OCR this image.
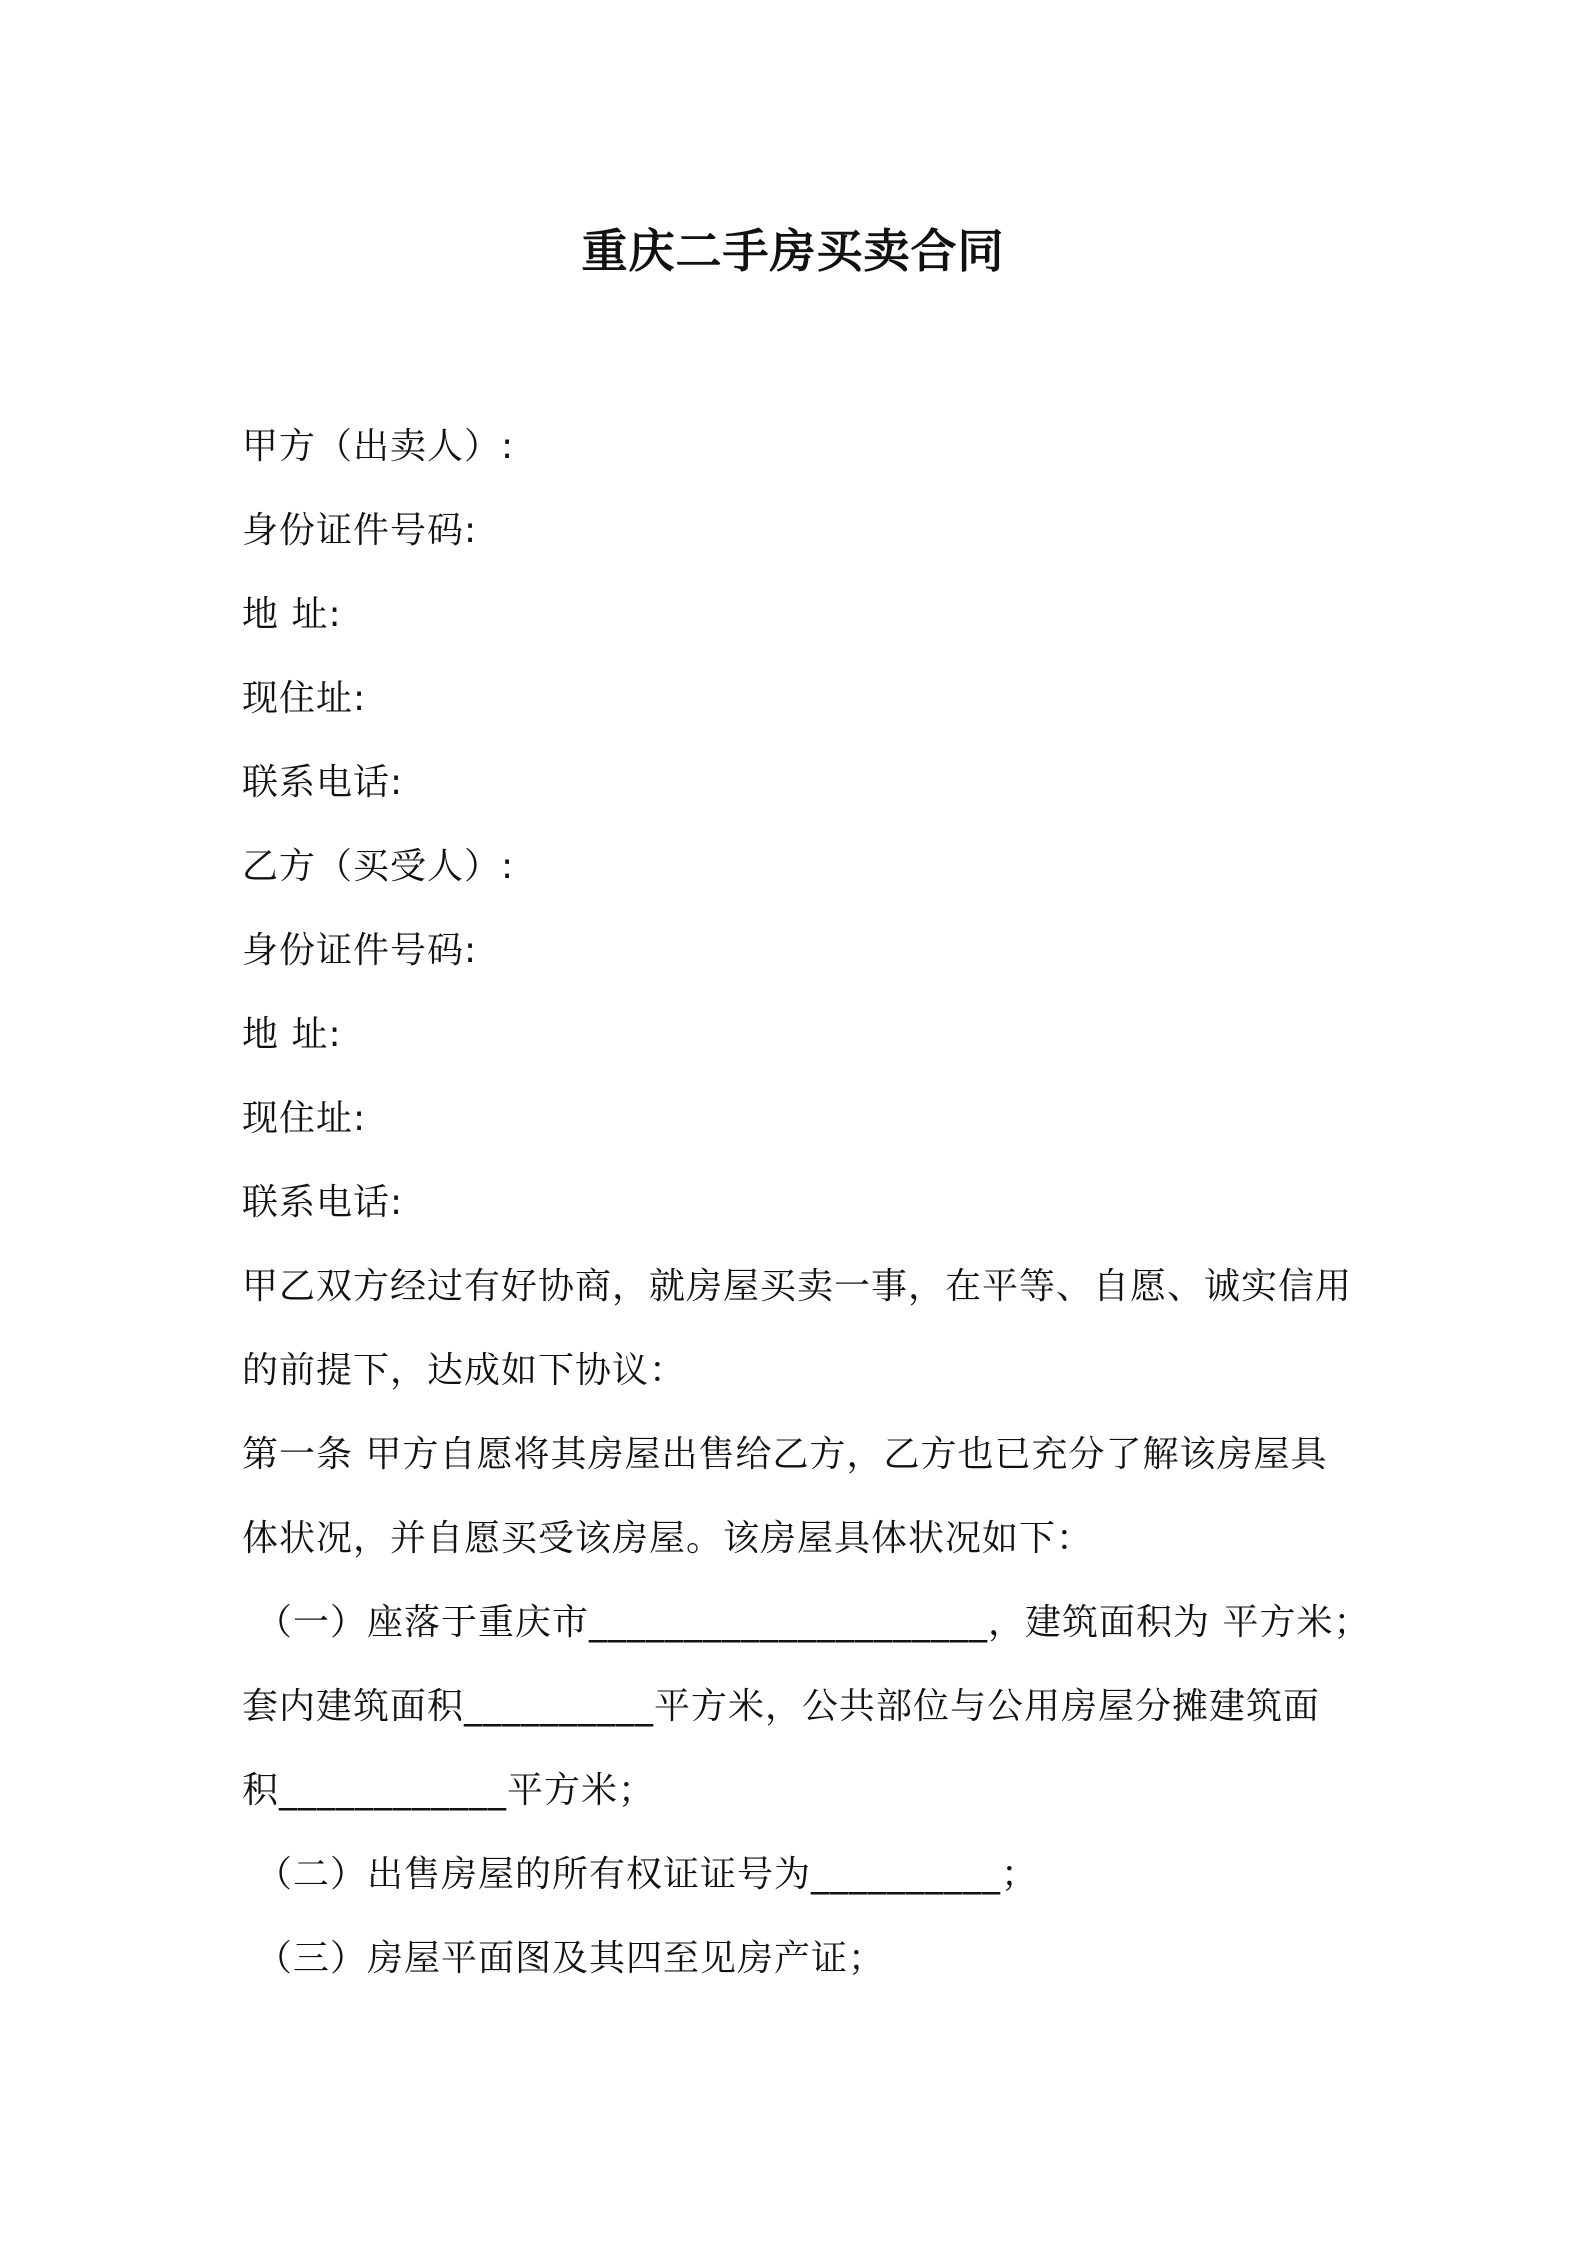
重庆二手房买卖合同
甲方（出卖人）:
身份证件号码:
地 址:
现住址:
联系电话:
乙方（买受人）:
身份证件号码:
地 址:
现住址:
联系电话:
甲乙双方经过有好协商，就房屋买卖一事，在平等、自愿、诚实信用
的前提下，达成如下协议：
第一条 甲方自愿将其房屋出售给乙方，乙方也已充分了解该房屋具
体状况，并自愿买受该房屋。该房屋具体状况如下：
（一）座落于重庆市_____________________，建筑面积为 平方米；
套内建筑面积__________平方米，公共部位与公用房屋分摊建筑面
积____________平方米；
（二）出售房屋的所有权证证号为__________；
（三）房屋平面图及其四至见房产证；
